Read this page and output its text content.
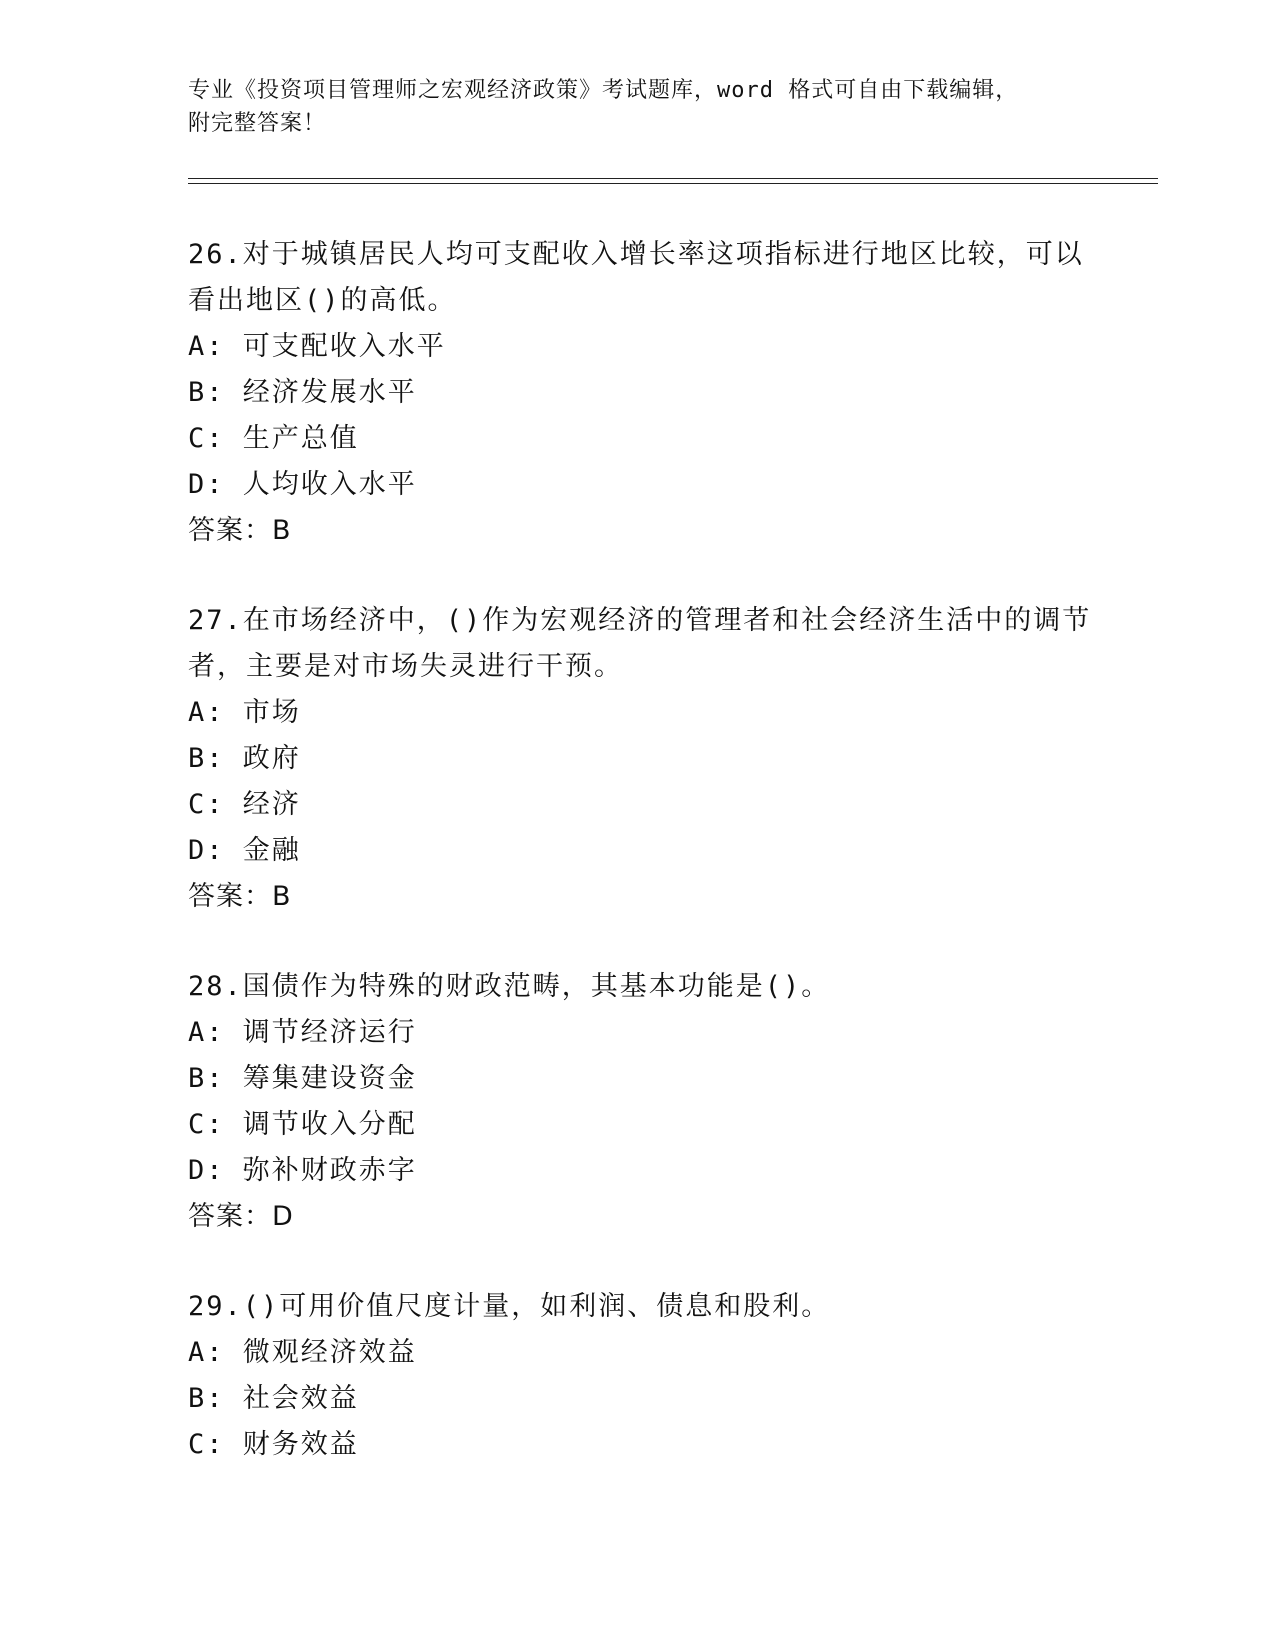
专业《投资项目管理师之宏观经济政策》考试题库，word 格式可自由下载编辑，
附完整答案！
26.对于城镇居民人均可支配收入增长率这项指标进行地区比较，可以
看出地区()的高低。
A: 可支配收入水平
B: 经济发展水平
C: 生产总值
D: 人均收入水平
答案：B
27.在市场经济中，()作为宏观经济的管理者和社会经济生活中的调节
者，主要是对市场失灵进行干预。
A: 市场
B: 政府
C: 经济
D: 金融
答案：B
28.国债作为特殊的财政范畴，其基本功能是()。
A: 调节经济运行
B: 筹集建设资金
C: 调节收入分配
D: 弥补财政赤字
答案：D
29.()可用价值尺度计量，如利润、债息和股利。
A: 微观经济效益
B: 社会效益
C: 财务效益
